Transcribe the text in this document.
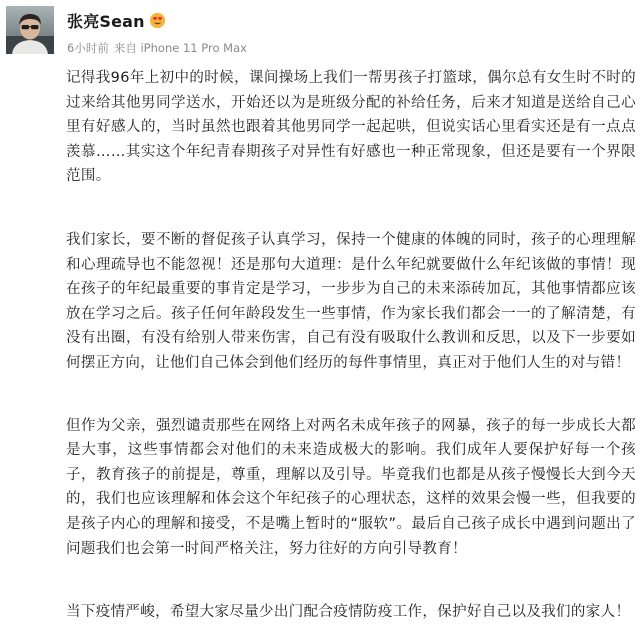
张亮Sean
6小时前 来自 iPhone 11 Pro Max

记得我96年上初中的时候，课间操场上我们一帮男孩子打篮球，偶尔总有女生时不时的过来给其他男同学送水，开始还以为是班级分配的补给任务，后来才知道是送给自己心里有好感人的，当时虽然也跟着其他男同学一起起哄，但说实话心里看实还是有一点点羡慕……其实这个年纪青春期孩子对异性有好感也一种正常现象，但还是要有一个界限范围。

我们家长，要不断的督促孩子认真学习，保持一个健康的体魄的同时，孩子的心理理解和心理疏导也不能忽视！还是那句大道理：是什么年纪就要做什么年纪该做的事情！现在孩子的年纪最重要的事肯定是学习，一步步为自己的未来添砖加瓦，其他事情都应该放在学习之后。孩子任何年龄段发生一些事情，作为家长我们都会一一的了解清楚，有没有出圈，有没有给别人带来伤害，自己有没有吸取什么教训和反思，以及下一步要如何摆正方向，让他们自己体会到他们经历的每件事情里，真正对于他们人生的对与错！

但作为父亲，强烈谴责那些在网络上对两名未成年孩子的网暴，孩子的每一步成长大都是大事，这些事情都会对他们的未来造成极大的影响。我们成年人要保护好每一个孩子，教育孩子的前提是，尊重，理解以及引导。毕竟我们也都是从孩子慢慢长大到今天的，我们也应该理解和体会这个年纪孩子的心理状态，这样的效果会慢一些，但我要的是孩子内心的理解和接受，不是嘴上暂时的“服软”。最后自己孩子成长中遇到问题出了问题我们也会第一时间严格关注，努力往好的方向引导教育！

当下疫情严峻，希望大家尽量少出门配合疫情防疫工作，保护好自己以及我们的家人！
